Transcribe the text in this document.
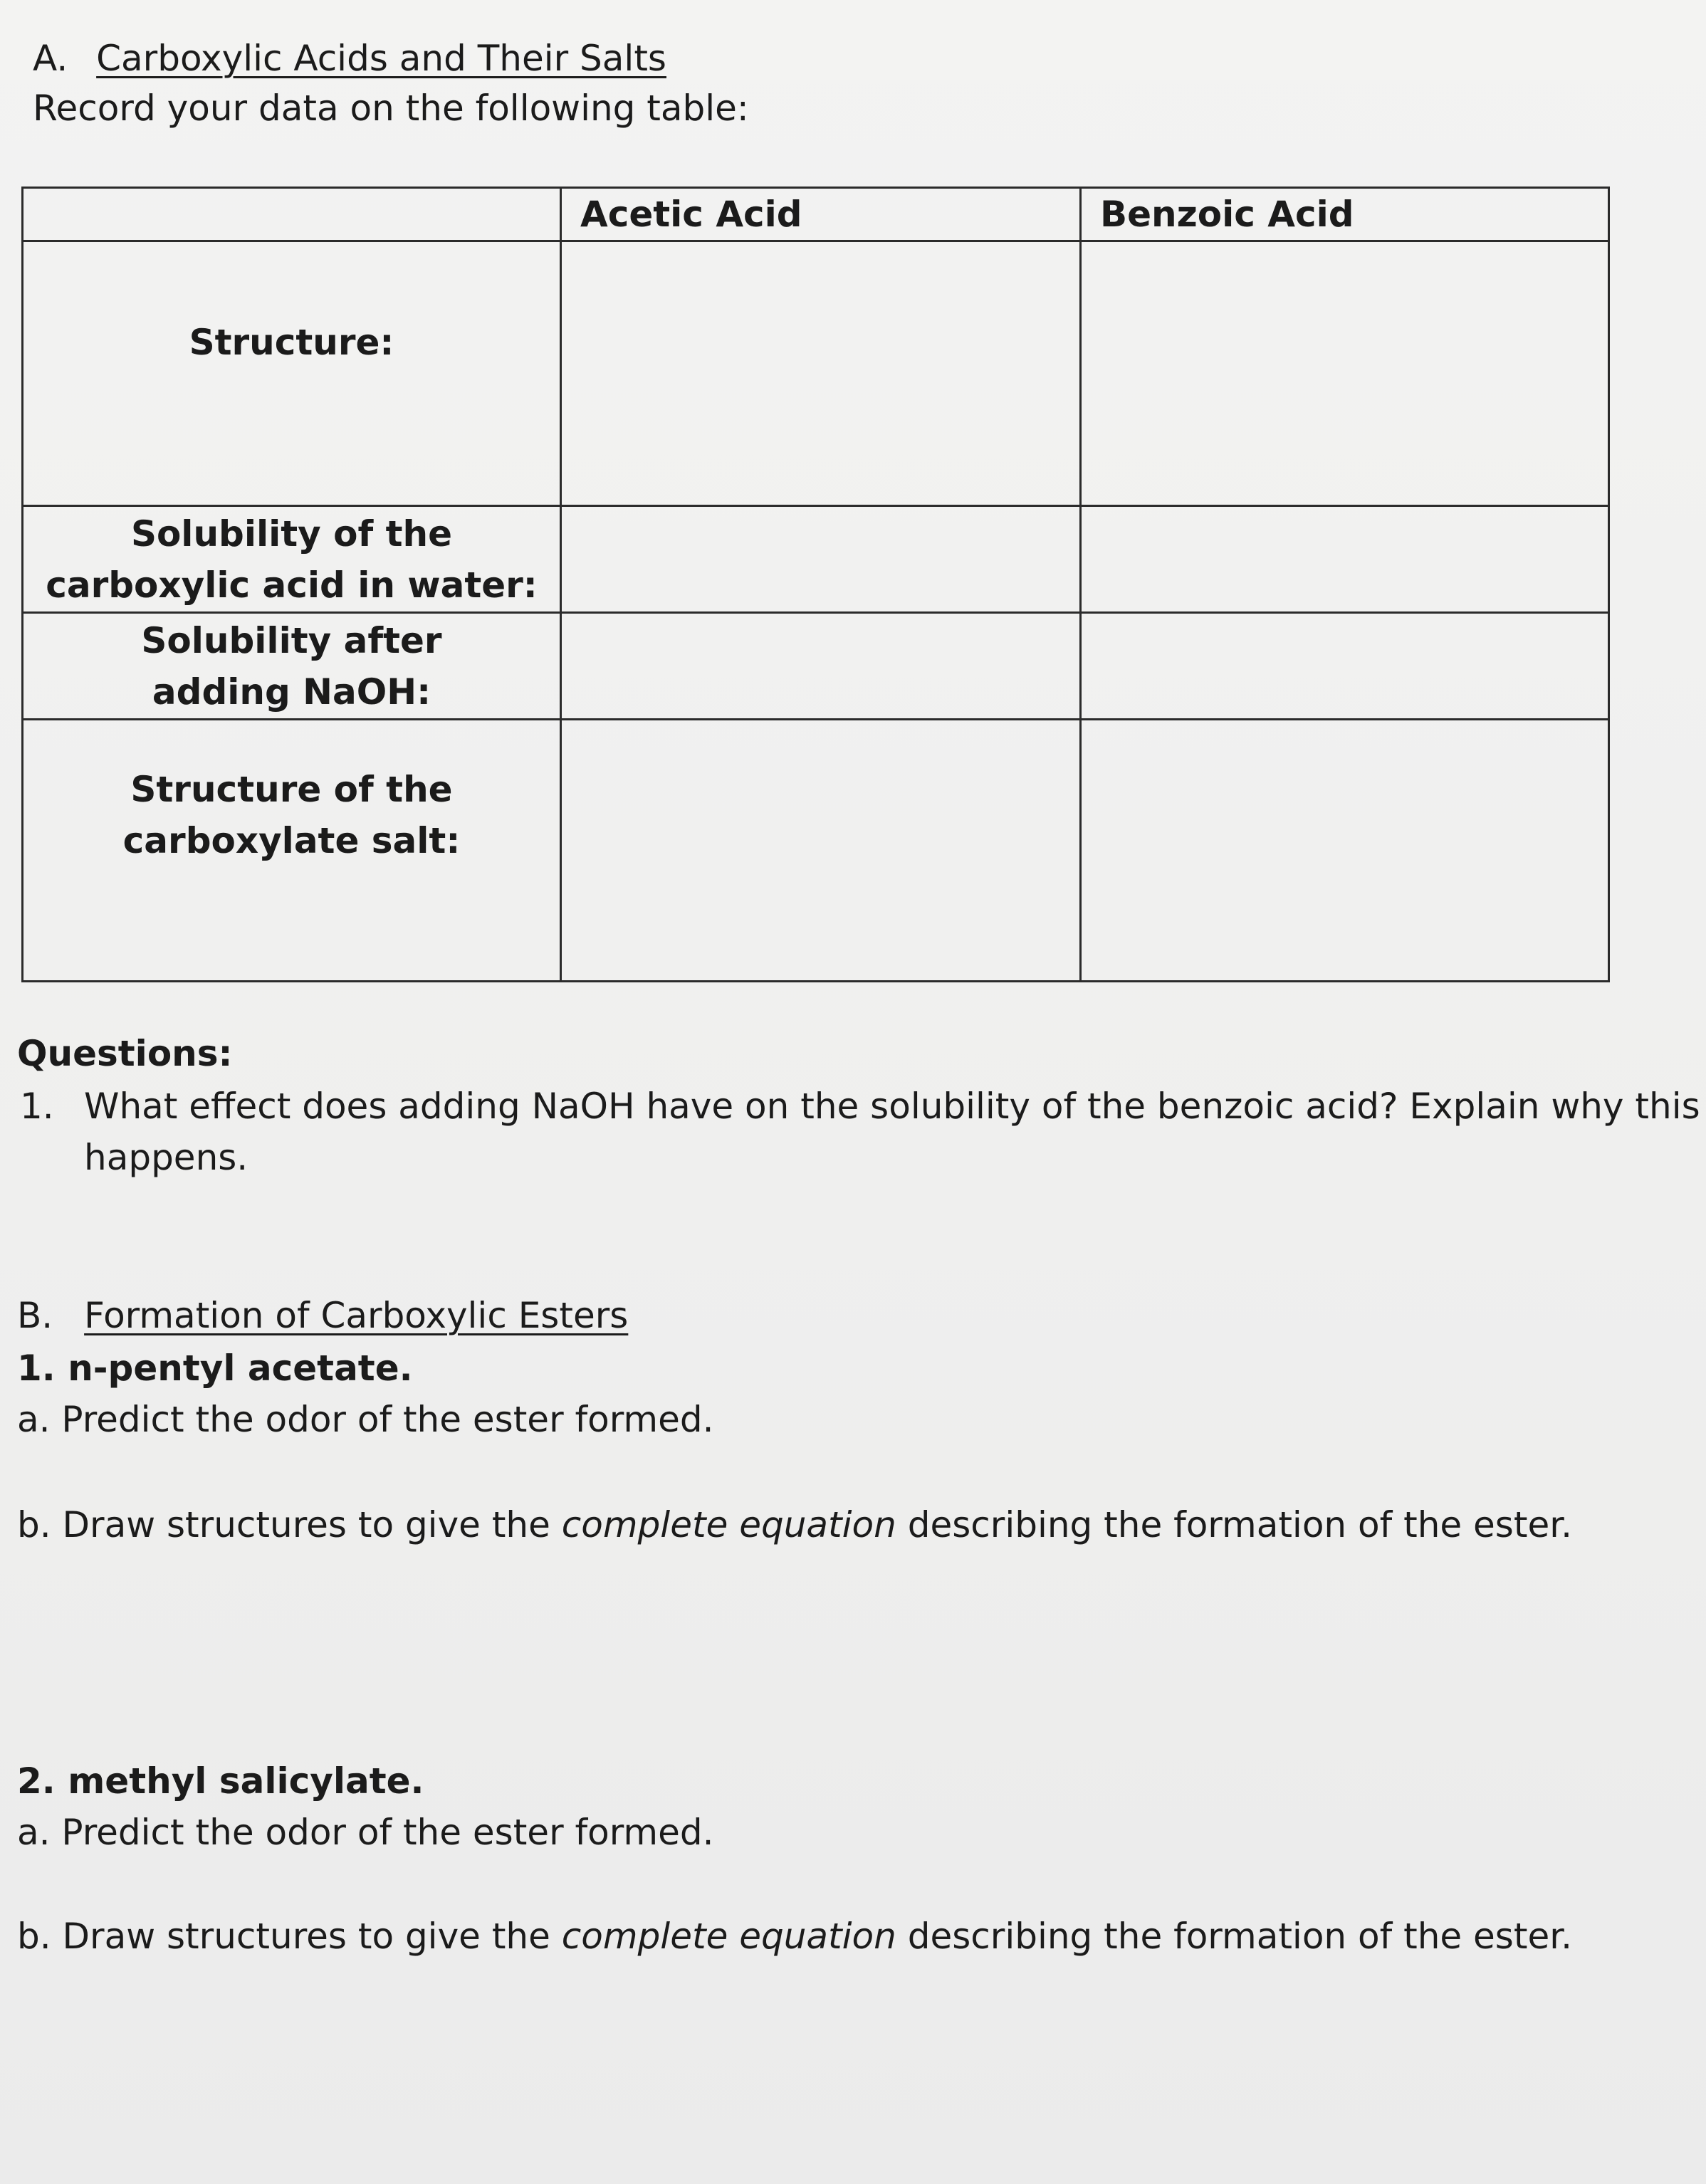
A. Carboxylic Acids and Their Salts
Record your data on the following table:
	Acetic Acid	Benzoic Acid

Structure:		

Solubility of the
carboxylic acid in water:		

Solubility after
adding NaOH:		

Structure of the
carboxylate salt:		

Questions:
1. What effect does adding NaOH have on the solubility of the benzoic acid? Explain why this
happens.
B. Formation of Carboxylic Esters
1. n-pentyl acetate.
a. Predict the odor of the ester formed.
b. Draw structures to give the complete equation describing the formation of the ester.
2. methyl salicylate.
a. Predict the odor of the ester formed.
b. Draw structures to give the complete equation describing the formation of the ester.
